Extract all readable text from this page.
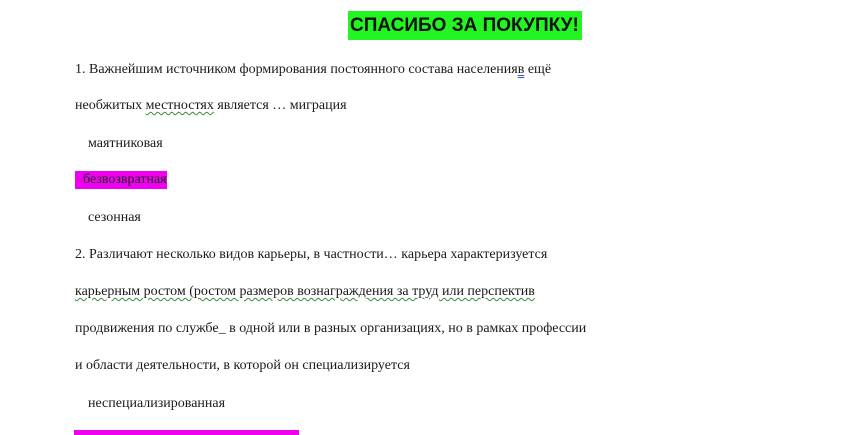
СПАСИБО ЗА ПОКУПКУ!
1. Важнейшим источником формирования постоянного состава населенияв ещё
необжитых местностях является … миграция
маятниковая
безвозвратная
сезонная
2. Различают несколько видов карьеры, в частности… карьера характеризуется
карьерным ростом (ростом размеров вознаграждения за труд или перспектив
продвижения по службе_ в одной или в разных организациях, но в рамках профессии
и области деятельности, в которой он специализируется
неспециализированная
